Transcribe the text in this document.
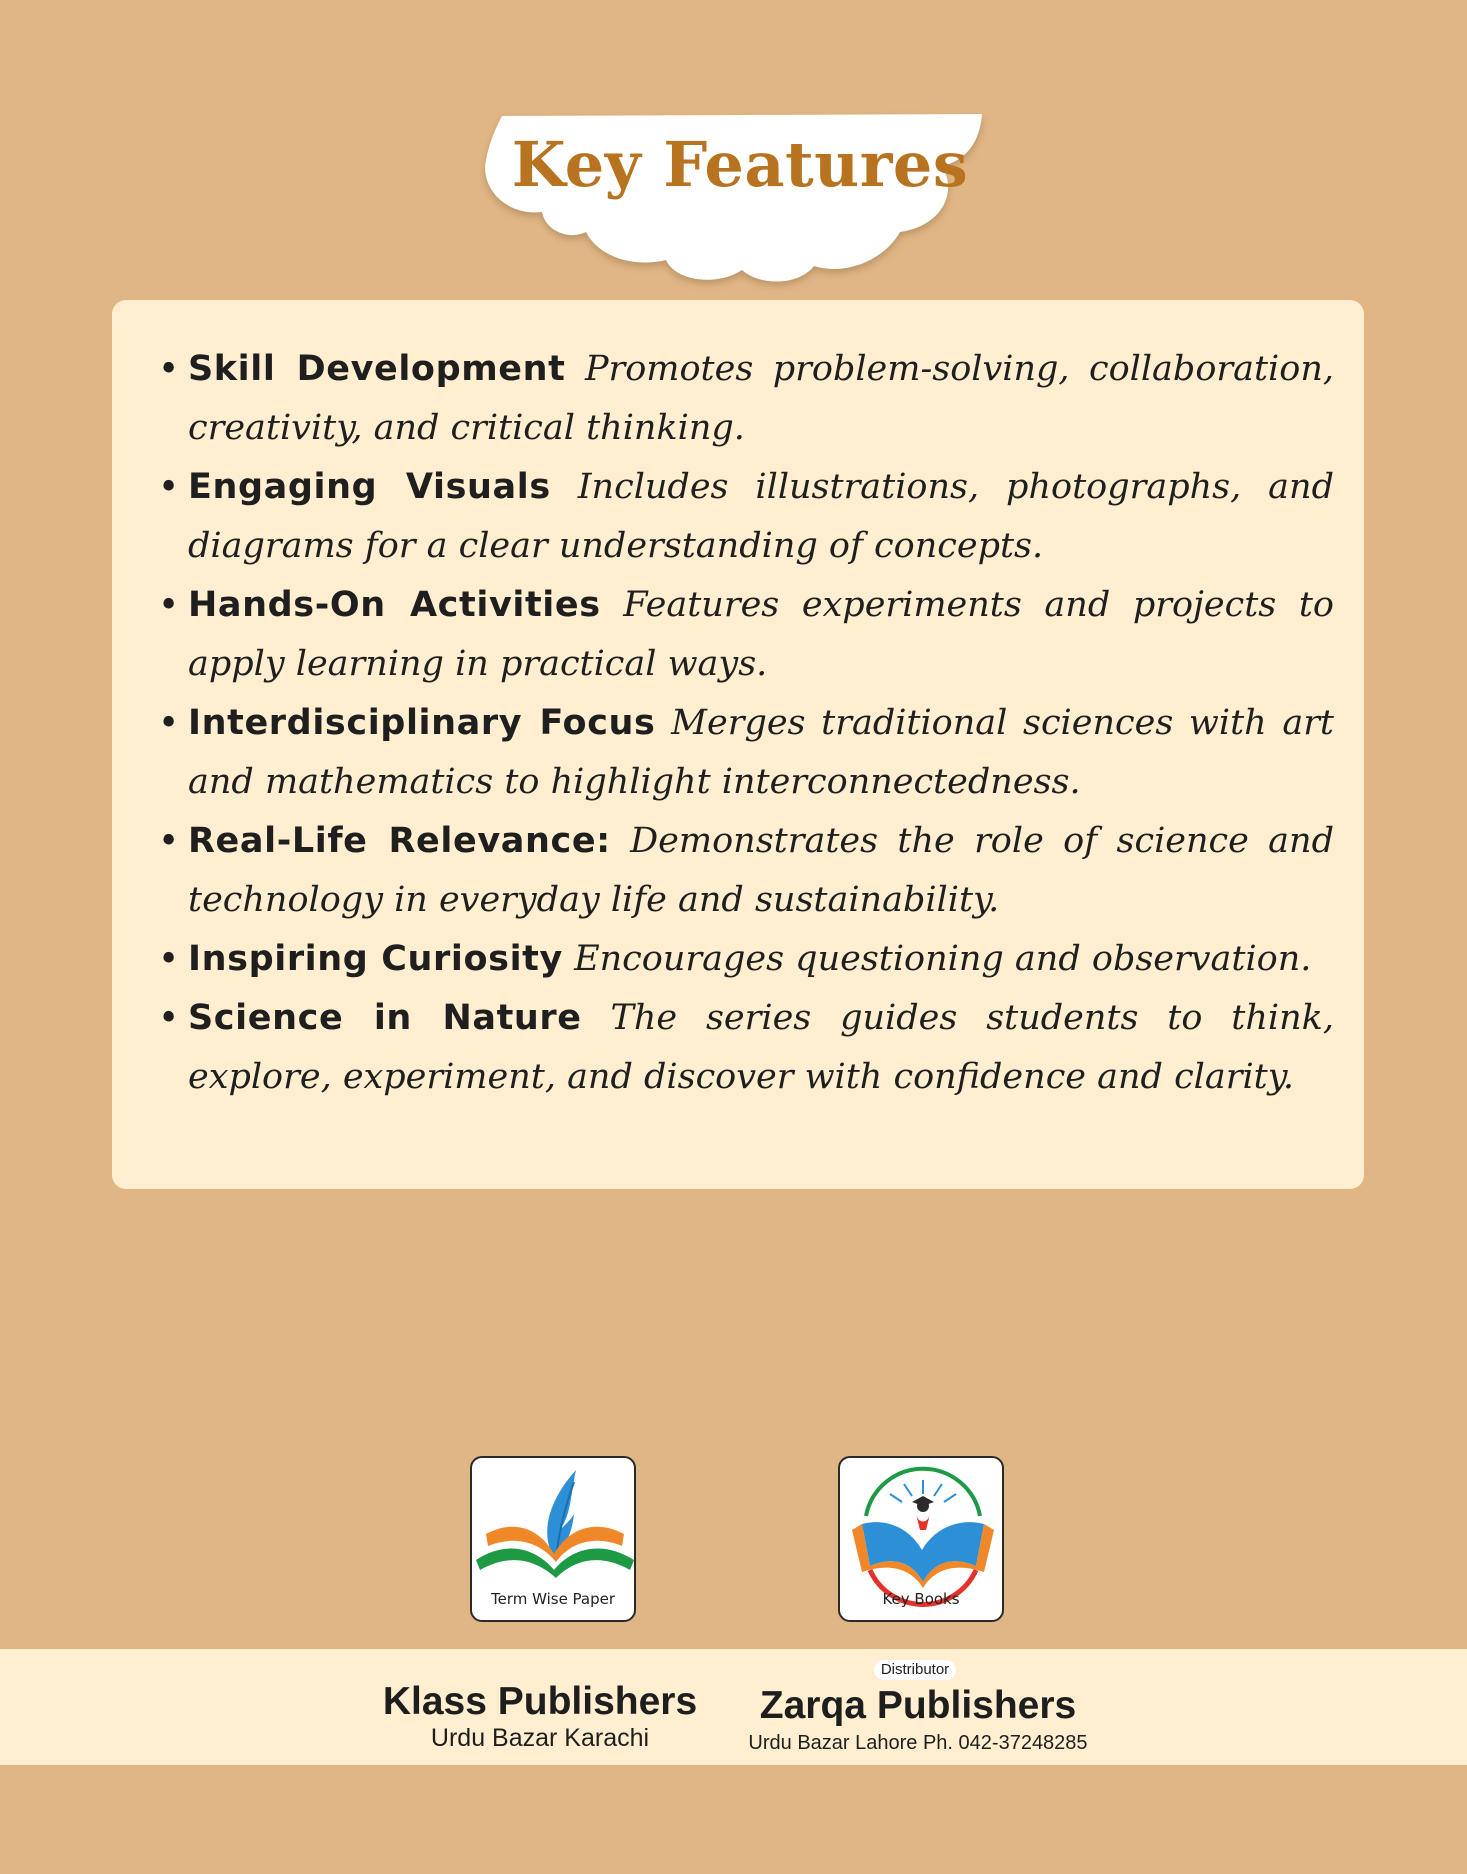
Key Features

• Skill Development Promotes problem-solving, collaboration, creativity, and critical thinking.

• Engaging Visuals Includes illustrations, photographs, and diagrams for a clear understanding of concepts.

• Hands-On Activities Features experiments and projects to apply learning in practical ways.

• Interdisciplinary Focus Merges traditional sciences with art and mathematics to highlight interconnectedness.

• Real-Life Relevance: Demonstrates the role of science and technology in everyday life and sustainability.

• Inspiring Curiosity Encourages questioning and observation.

• Science in Nature The series guides students to think, explore, experiment, and discover with confidence and clarity.

Term Wise Paper	Key Books
Klass Publishers
Urdu Bazar Karachi
Distributor
Zarqa Publishers
Urdu Bazar Lahore Ph. 042-37248285
